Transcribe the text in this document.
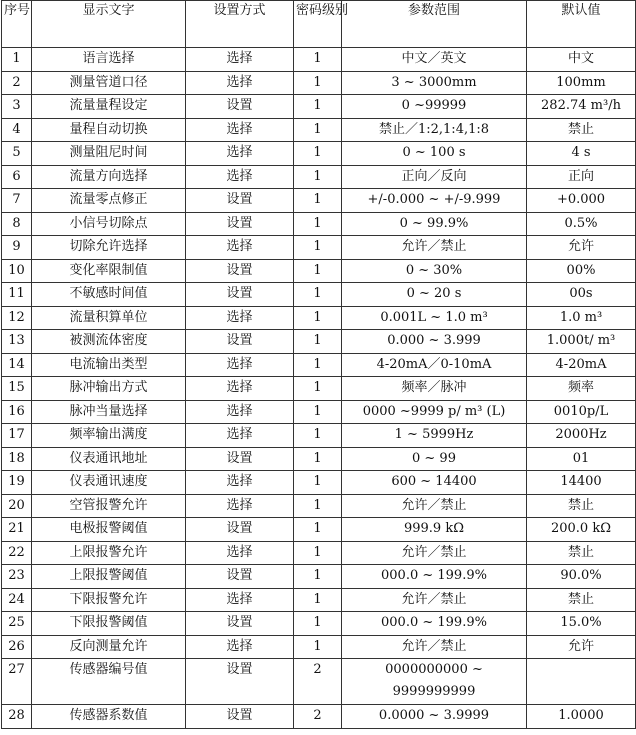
序号	显示文字	设置方式	密码级别	参数范围	默认值
1	语言选择	选择	1	中文／英文	中文
2	测量管道口径	选择	1	3 ~ 3000mm	100mm
3	流量量程设定	设置	1	0 ~99999	282.74 m³/h
4	量程自动切换	选择	1	禁止／1:2,1:4,1:8	禁止
5	测量阻尼时间	选择	1	0 ~ 100 s	4 s
6	流量方向选择	选择	1	正向／反向	正向
7	流量零点修正	设置	1	+/-0.000 ~ +/-9.999	+0.000
8	小信号切除点	设置	1	0 ~ 99.9%	0.5%
9	切除允许选择	选择	1	允许／禁止	允许
10	变化率限制值	设置	1	0 ~ 30%	00%
11	不敏感时间值	设置	1	0 ~ 20 s	00s
12	流量积算单位	选择	1	0.001L ~ 1.0 m³	1.0 m³
13	被测流体密度	设置	1	0.000 ~ 3.999	1.000t/ m³
14	电流输出类型	选择	1	4-20mA／0-10mA	4-20mA
15	脉冲输出方式	选择	1	频率／脉冲	频率
16	脉冲当量选择	选择	1	0000 ~9999 p/ m³ (L)	0010p/L
17	频率输出满度	选择	1	1 ~ 5999Hz	2000Hz
18	仪表通讯地址	设置	1	0 ~ 99	01
19	仪表通讯速度	选择	1	600 ~ 14400	14400
20	空管报警允许	选择	1	允许／禁止	禁止
21	电极报警阈值	设置	1	999.9 kΩ	200.0 kΩ
22	上限报警允许	选择	1	允许／禁止	禁止
23	上限报警阈值	设置	1	000.0 ~ 199.9%	90.0%
24	下限报警允许	选择	1	允许／禁止	禁止
25	下限报警阈值	设置	1	000.0 ~ 199.9%	15.0%
26	反向测量允许	选择	1	允许／禁止	允许
27	传感器编号值	设置	2	0000000000 ~ 9999999999	
28	传感器系数值	设置	2	0.0000 ~ 3.9999	1.0000
